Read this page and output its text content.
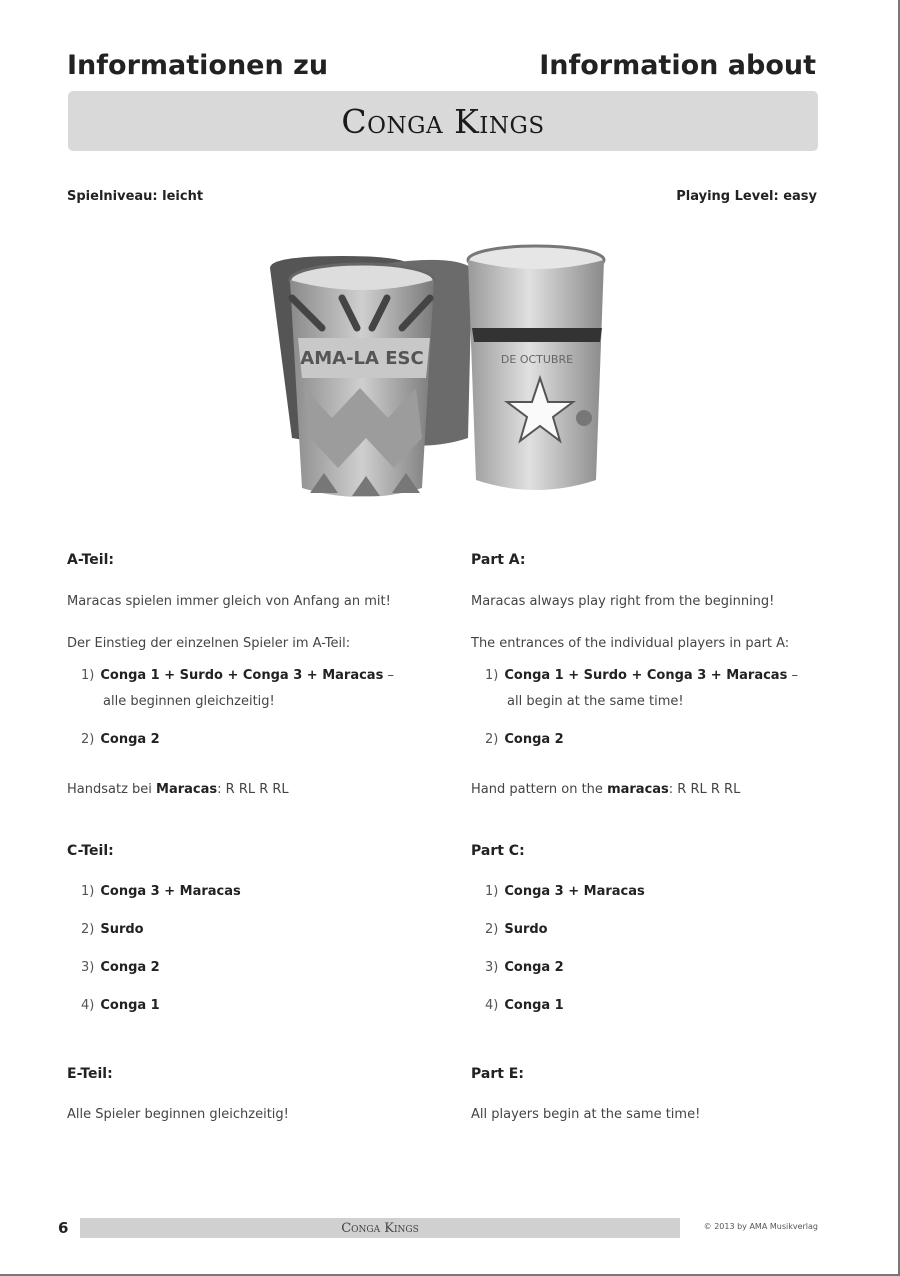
Informationen zu	Information about
Conga Kings
Spielniveau: leicht	Playing Level: easy
AMA-LA ESC	DE OCTUBRE
A-Teil:
Maracas spielen immer gleich von Anfang an mit!
Der Einstieg der einzelnen Spieler im A-Teil:
1) Conga 1 + Surdo + Conga 3 + Maracas –
alle beginnen gleichzeitig!
2) Conga 2
Handsatz bei Maracas: R RL R RL
C-Teil:
1) Conga 3 + Maracas
2) Surdo
3) Conga 2
4) Conga 1
E-Teil:
Alle Spieler beginnen gleichzeitig!
Part A:
Maracas always play right from the beginning!
The entrances of the individual players in part A:
1) Conga 1 + Surdo + Conga 3 + Maracas –
all begin at the same time!
2) Conga 2
Hand pattern on the maracas: R RL R RL
Part C:
1) Conga 3 + Maracas
2) Surdo
3) Conga 2
4) Conga 1
Part E:
All players begin at the same time!
6	Conga Kings	© 2013 by AMA Musikverlag
